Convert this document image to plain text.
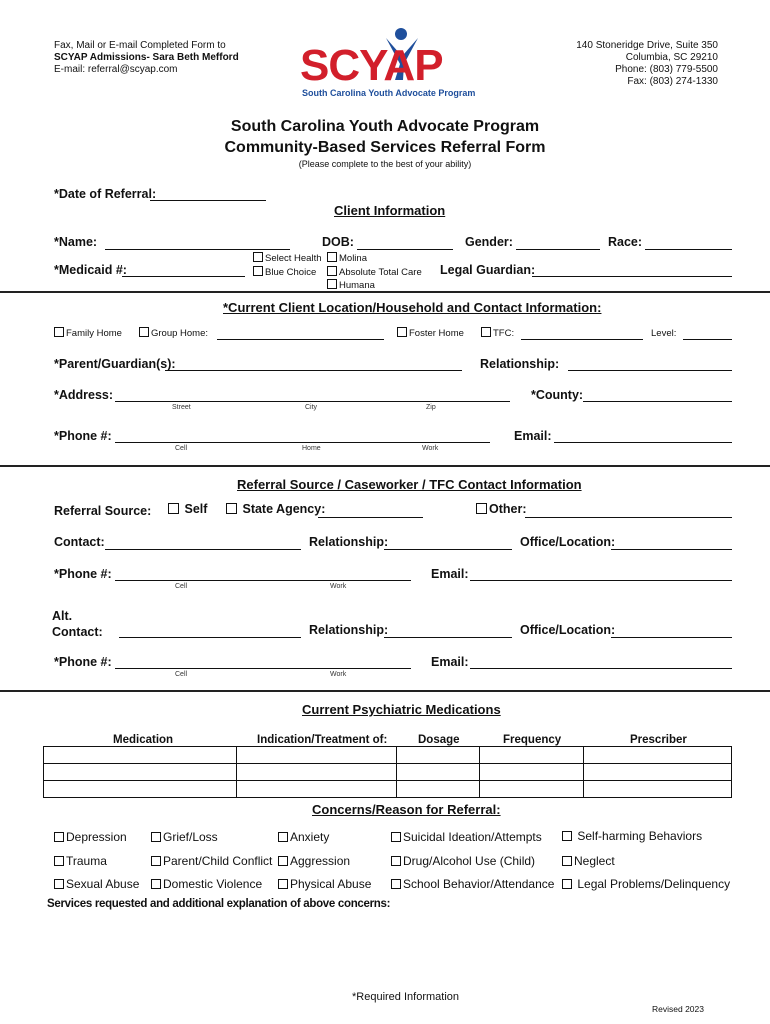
Fax, Mail or E-mail Completed Form to
SCYAP Admissions- Sara Beth Mefford
E-mail: referral@scyap.com	SCYAP
South Carolina Youth Advocate Program
140 Stoneridge Drive, Suite 350
Columbia, SC 29210
Phone: (803) 779-5500
Fax: (803) 274-1330
South Carolina Youth Advocate Program
Community-Based Services Referral Form
(Please complete to the best of your ability)
*Date of Referral:
Client Information
*Name:	DOB:	Gender:	Race:
*Medicaid #:
Select Health
Blue Choice
Molina
Absolute Total Care
Humana
Legal Guardian:
*Current Client Location/Household and Contact Information:
Family Home	Group Home:	Foster Home	TFC:	Level:
*Parent/Guardian(s):	Relationship:
*Address:
Street	City	Zip
*County:
*Phone #:
Cell	Home	Work
Email:
Referral Source / Caseworker / TFC Contact Information
Referral Source:	Self	State Agency:	Other:
Contact:	Relationship:	Office/Location:
*Phone #:
Cell	Work
Email:
Alt.
Contact:	Relationship:	Office/Location:
*Phone #:
Cell	Work
Email:
Current Psychiatric Medications
Medication	Indication/Treatment of:	Dosage	Frequency	Prescriber

Concerns/Reason for Referral:
Depression	Grief/Loss	Anxiety	Suicidal Ideation/Attempts	Self-harming Behaviors
Trauma	Parent/Child Conflict	Aggression	Drug/Alcohol Use (Child)	Neglect
Sexual Abuse	Domestic Violence	Physical Abuse	School Behavior/Attendance	Legal Problems/Delinquency
Services requested and additional explanation of above concerns:
*Required Information
Revised 2023
